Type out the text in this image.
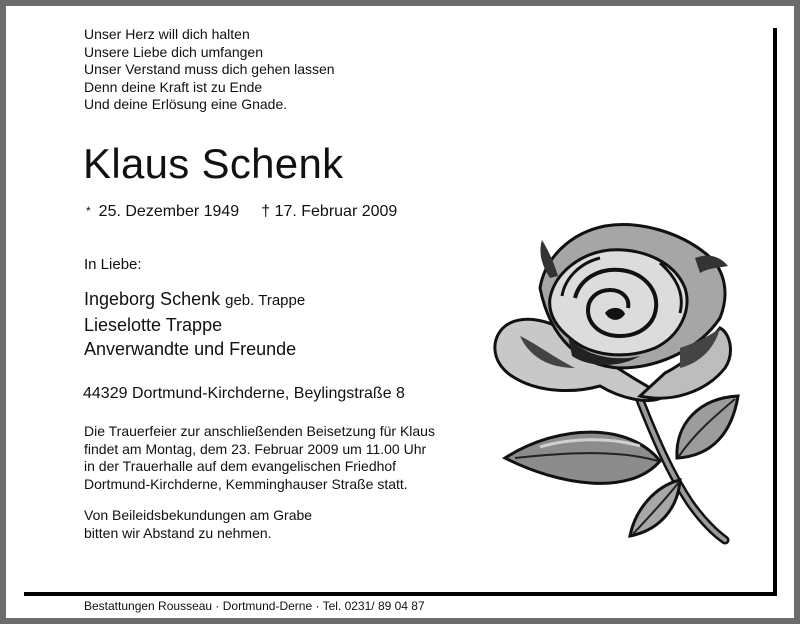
Unser Herz will dich halten
Unsere Liebe dich umfangen
Unser Verstand muss dich gehen lassen
Denn deine Kraft ist zu Ende
Und deine Erlösung eine Gnade.
Klaus Schenk
* 25. Dezember 1949 † 17. Februar 2009
In Liebe:
Ingeborg Schenk geb. Trappe
Lieselotte Trappe
Anverwandte und Freunde
44329 Dortmund-Kirchderne, Beylingstraße 8
Die Trauerfeier zur anschließenden Beisetzung für Klaus
findet am Montag, dem 23. Februar 2009 um 11.00 Uhr
in der Trauerhalle auf dem evangelischen Friedhof
Dortmund-Kirchderne, Kemminghauser Straße statt.
Von Beileidsbekundungen am Grabe
bitten wir Abstand zu nehmen.
Bestattungen Rousseau · Dortmund-Derne · Tel. 0231/ 89 04 87
